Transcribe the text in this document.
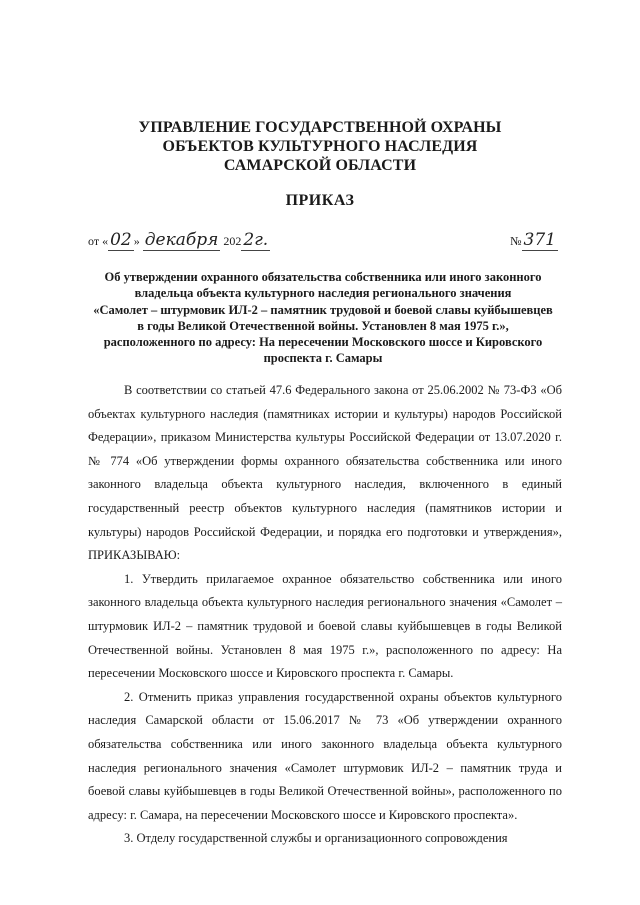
УПРАВЛЕНИЕ ГОСУДАРСТВЕННОЙ ОХРАНЫ
ОБЪЕКТОВ КУЛЬТУРНОГО НАСЛЕДИЯ
САМАРСКОЙ ОБЛАСТИ
ПРИКАЗ
от « 02 » декабря 202 2г.	№ 371
Об утверждении охранного обязательства собственника или иного законного
владельца объекта культурного наследия регионального значения
«Самолет – штурмовик ИЛ-2 – памятник трудовой и боевой славы куйбышевцев
в годы Великой Отечественной войны. Установлен 8 мая 1975 г.»,
расположенного по адресу: На пересечении Московского шоссе и Кировского
проспекта г. Самары

В соответствии со статьей 47.6 Федерального закона от 25.06.2002 № 73-ФЗ «Об объектах культурного наследия (памятниках истории и культуры) народов Российской Федерации», приказом Министерства культуры Российской Федерации от 13.07.2020 г. № 774 «Об утверждении формы охранного обязательства собственника или иного законного владельца объекта культурного наследия, включенного в единый государственный реестр объектов культурного наследия (памятников истории и культуры) народов Российской Федерации, и порядка его подготовки и утверждения», ПРИКАЗЫВАЮ:

1. Утвердить прилагаемое охранное обязательство собственника или иного законного владельца объекта культурного наследия регионального значения «Самолет – штурмовик ИЛ-2 – памятник трудовой и боевой славы куйбышевцев в годы Великой Отечественной войны. Установлен 8 мая 1975 г.», расположенного по адресу: На пересечении Московского шоссе и Кировского проспекта г. Самары.

2. Отменить приказ управления государственной охраны объектов культурного наследия Самарской области от 15.06.2017 № 73 «Об утверждении охранного обязательства собственника или иного законного владельца объекта культурного наследия регионального значения «Самолет штурмовик ИЛ-2 – памятник труда и боевой славы куйбышевцев в годы Великой Отечественной войны», расположенного по адресу: г. Самара, на пересечении Московского шоссе и Кировского проспекта».

3. Отделу государственной службы и организационного сопровождения
